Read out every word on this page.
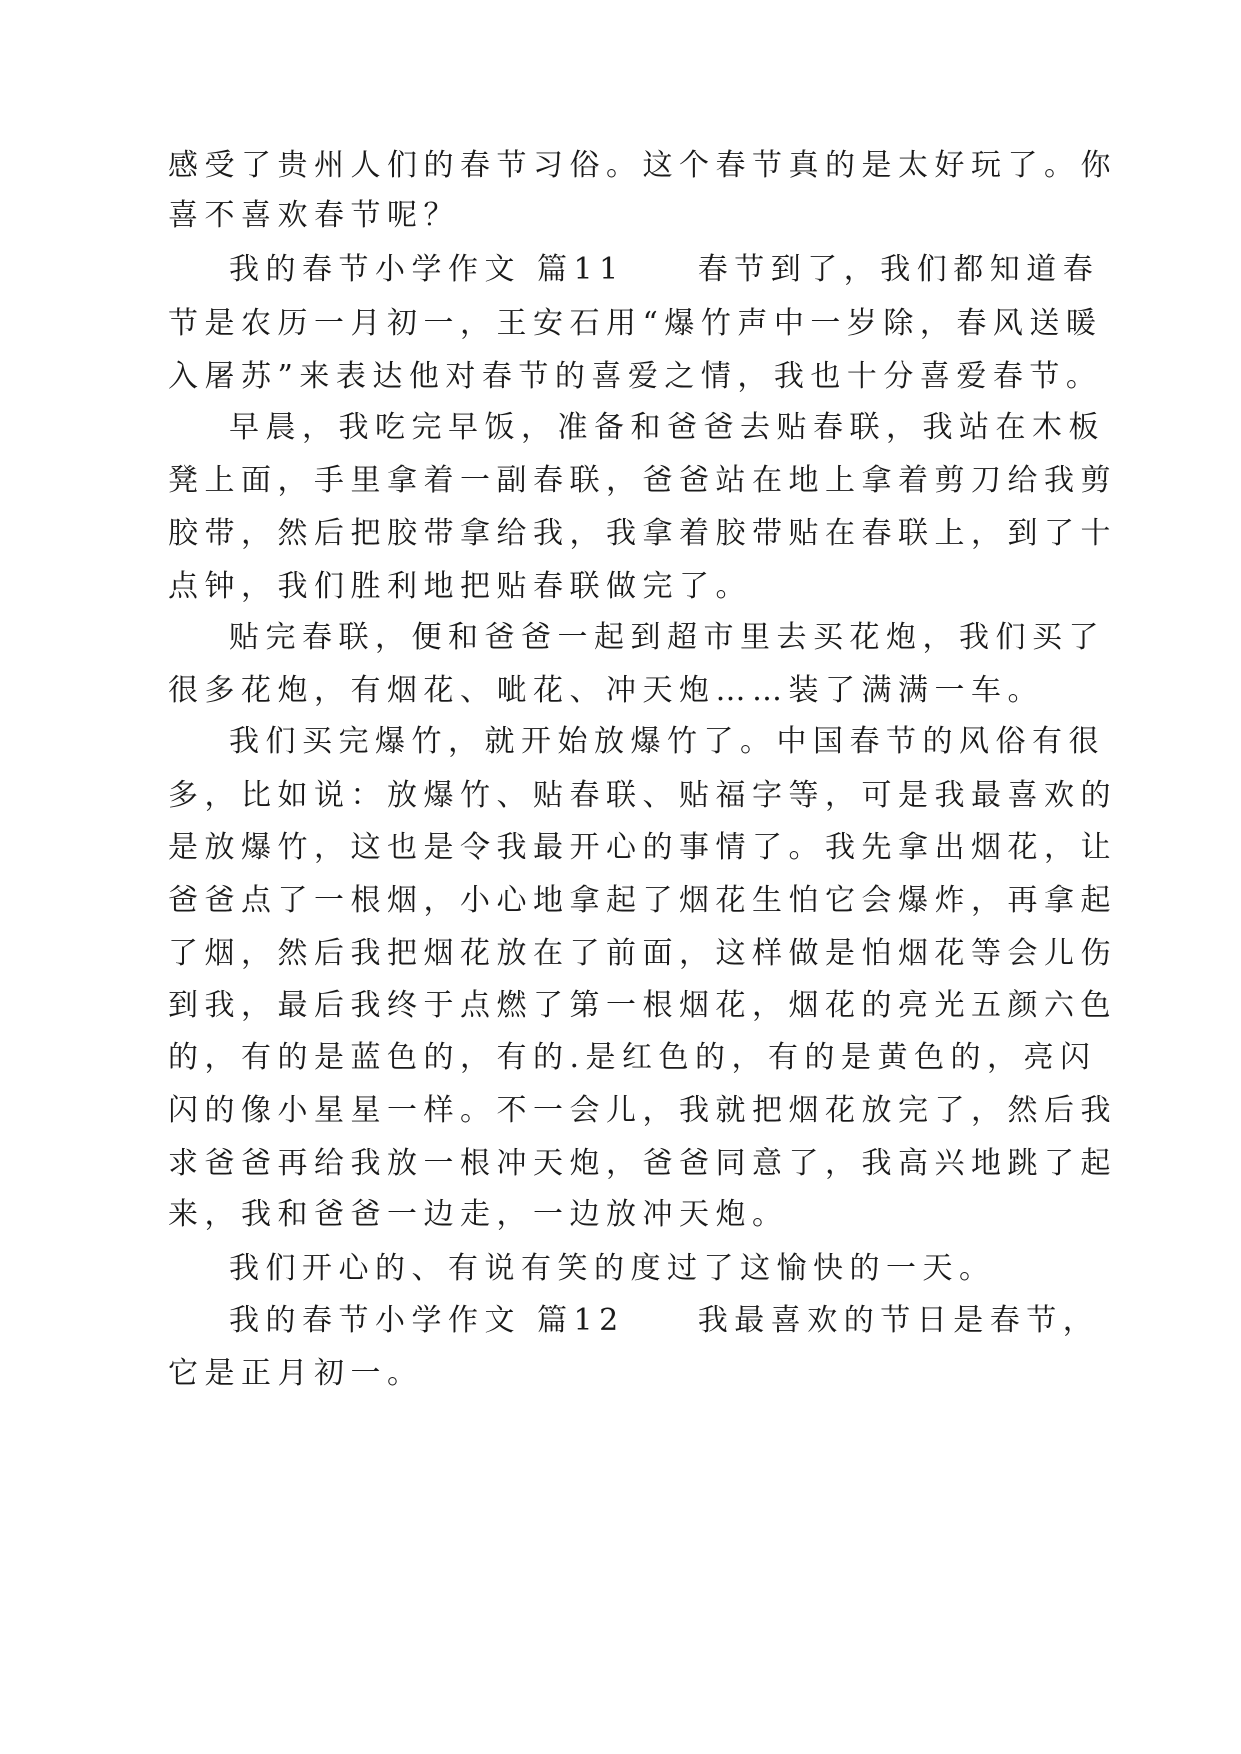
感受了贵州人们的春节习俗。这个春节真的是太好玩了。你
喜不喜欢春节呢？
我的春节小学作文 篇11　　春节到了，我们都知道春
节是农历一月初一，王安石用“爆竹声中一岁除，春风送暖
入屠苏”来表达他对春节的喜爱之情，我也十分喜爱春节。
早晨，我吃完早饭，准备和爸爸去贴春联，我站在木板
凳上面，手里拿着一副春联，爸爸站在地上拿着剪刀给我剪
胶带，然后把胶带拿给我，我拿着胶带贴在春联上，到了十
点钟，我们胜利地把贴春联做完了。
贴完春联，便和爸爸一起到超市里去买花炮，我们买了
很多花炮，有烟花、呲花、冲天炮……装了满满一车。
我们买完爆竹，就开始放爆竹了。中国春节的风俗有很
多，比如说：放爆竹、贴春联、贴福字等，可是我最喜欢的
是放爆竹，这也是令我最开心的事情了。我先拿出烟花，让
爸爸点了一根烟，小心地拿起了烟花生怕它会爆炸，再拿起
了烟，然后我把烟花放在了前面，这样做是怕烟花等会儿伤
到我，最后我终于点燃了第一根烟花，烟花的亮光五颜六色
的，有的是蓝色的，有的.是红色的，有的是黄色的，亮闪
闪的像小星星一样。不一会儿，我就把烟花放完了，然后我
求爸爸再给我放一根冲天炮，爸爸同意了，我高兴地跳了起
来，我和爸爸一边走，一边放冲天炮。
我们开心的、有说有笑的度过了这愉快的一天。
我的春节小学作文 篇12　　我最喜欢的节日是春节，
它是正月初一。
